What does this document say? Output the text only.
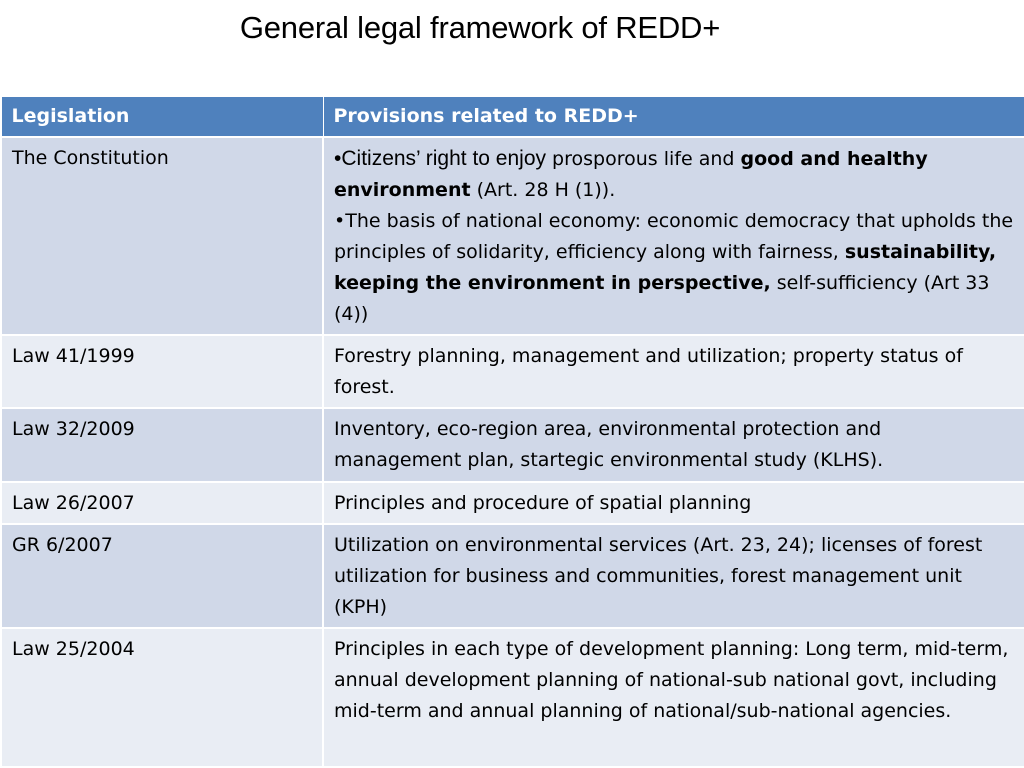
General legal framework of REDD+
Legislation	Provisions related to REDD+
The Constitution	•Citizens’ right to enjoy prosporous life and good and healthy environment (Art. 28 H (1)).
•The basis of national economy: economic democracy that upholds the principles of solidarity, efficiency along with fairness, sustainability, keeping the environment in perspective, self-sufficiency (Art 33 (4))

Law 41/1999	Forestry planning, management and utilization; property status of forest.
Law 32/2009	Inventory, eco-region area, environmental protection and management plan, startegic environmental study (KLHS).
Law 26/2007	Principles and procedure of spatial planning
GR 6/2007	Utilization on environmental services (Art. 23, 24); licenses of forest utilization for business and communities, forest management unit (KPH)
Law 25/2004	Principles in each type of development planning: Long term, mid-term, annual development planning of national-sub national govt, including mid-term and annual planning of national/sub-national agencies.
